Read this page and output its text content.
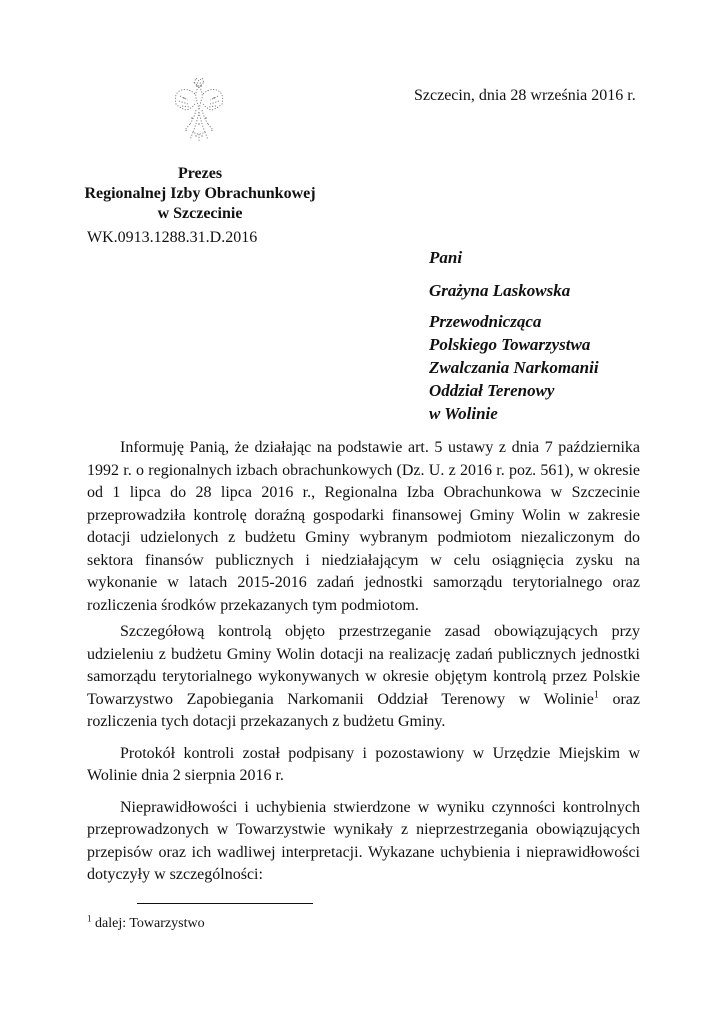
Szczecin, dnia 28 września 2016 r.
Prezes
Regionalnej Izby Obrachunkowej
w Szczecinie
WK.0913.1288.31.D.2016
Pani
Grażyna Laskowska
Przewodnicząca
Polskiego Towarzystwa
Zwalczania Narkomanii
Oddział Terenowy
w Wolinie

Informuję Panią, że działając na podstawie art. 5 ustawy z dnia 7 października 1992 r. o regionalnych izbach obrachunkowych (Dz. U. z 2016 r. poz. 561), w okresie od 1 lipca do 28 lipca 2016 r., Regionalna Izba Obrachunkowa w Szczecinie przeprowadziła kontrolę doraźną gospodarki finansowej Gminy Wolin w zakresie dotacji udzielonych z budżetu Gminy wybranym podmiotom niezaliczonym do sektora finansów publicznych i niedziałającym w celu osiągnięcia zysku na wykonanie w latach 2015-2016 zadań jednostki samorządu terytorialnego oraz rozliczenia środków przekazanych tym podmiotom.

Szczegółową kontrolą objęto przestrzeganie zasad obowiązujących przy udzieleniu z budżetu Gminy Wolin dotacji na realizację zadań publicznych jednostki samorządu terytorialnego wykonywanych w okresie objętym kontrolą przez Polskie Towarzystwo Zapobiegania Narkomanii Oddział Terenowy w Wolinie$^1$ oraz rozliczenia tych dotacji przekazanych z budżetu Gminy.

Protokół kontroli został podpisany i pozostawiony w Urzędzie Miejskim w Wolinie dnia 2 sierpnia 2016 r.

Nieprawidłowości i uchybienia stwierdzone w wyniku czynności kontrolnych przeprowadzonych w Towarzystwie wynikały z nieprzestrzegania obowiązujących przepisów oraz ich wadliwej interpretacji. Wykazane uchybienia i nieprawidłowości dotyczyły w szczególności:

$^1$ dalej: Towarzystwo
